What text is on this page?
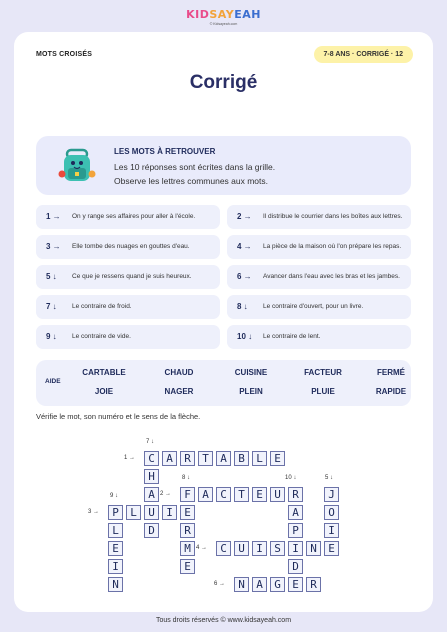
KIDSAYEAH
© Kidsayeah.com
MOTS CROISÉS	7-8 ANS · CORRIGÉ · 12
Corrigé
LES MOTS À RETROUVER
Les 10 réponses sont écrites dans la grille.
Observe les lettres communes aux mots.
1 → On y range ses affaires pour aller à l'école.	2 → Il distribue le courrier dans les boîtes aux lettres.
3 → Elle tombe des nuages en gouttes d'eau.	4 → La pièce de la maison où l'on prépare les repas.
5 ↓ Ce que je ressens quand je suis heureux.	6 → Avancer dans l'eau avec les bras et les jambes.
7 ↓ Le contraire de froid.	8 ↓ Le contraire d'ouvert, pour un livre.
9 ↓ Le contraire de vide.	10 ↓ Le contraire de lent.
AIDE
CARTABLE	CHAUD	CUISINE	FACTEUR	FERMÉ
JOIE	NAGER	PLEIN	PLUIE	RAPIDE
Vérifie le mot, son numéro et le sens de la flèche.
C	A	R	T	A	B	L	E
H
A	F	A	C	T	E	U	R	J
P	L	U	I	E	A	O
L	D	R	P	I
E	M	C	U	I	S	I	N	E
I	E	D
N	N	A	G	E	R
7 ↓
1 →
8 ↓	10 ↓	5 ↓
9 ↓	2 →
3 →
4 →
6 →
Tous droits réservés © www.kidsayeah.com
